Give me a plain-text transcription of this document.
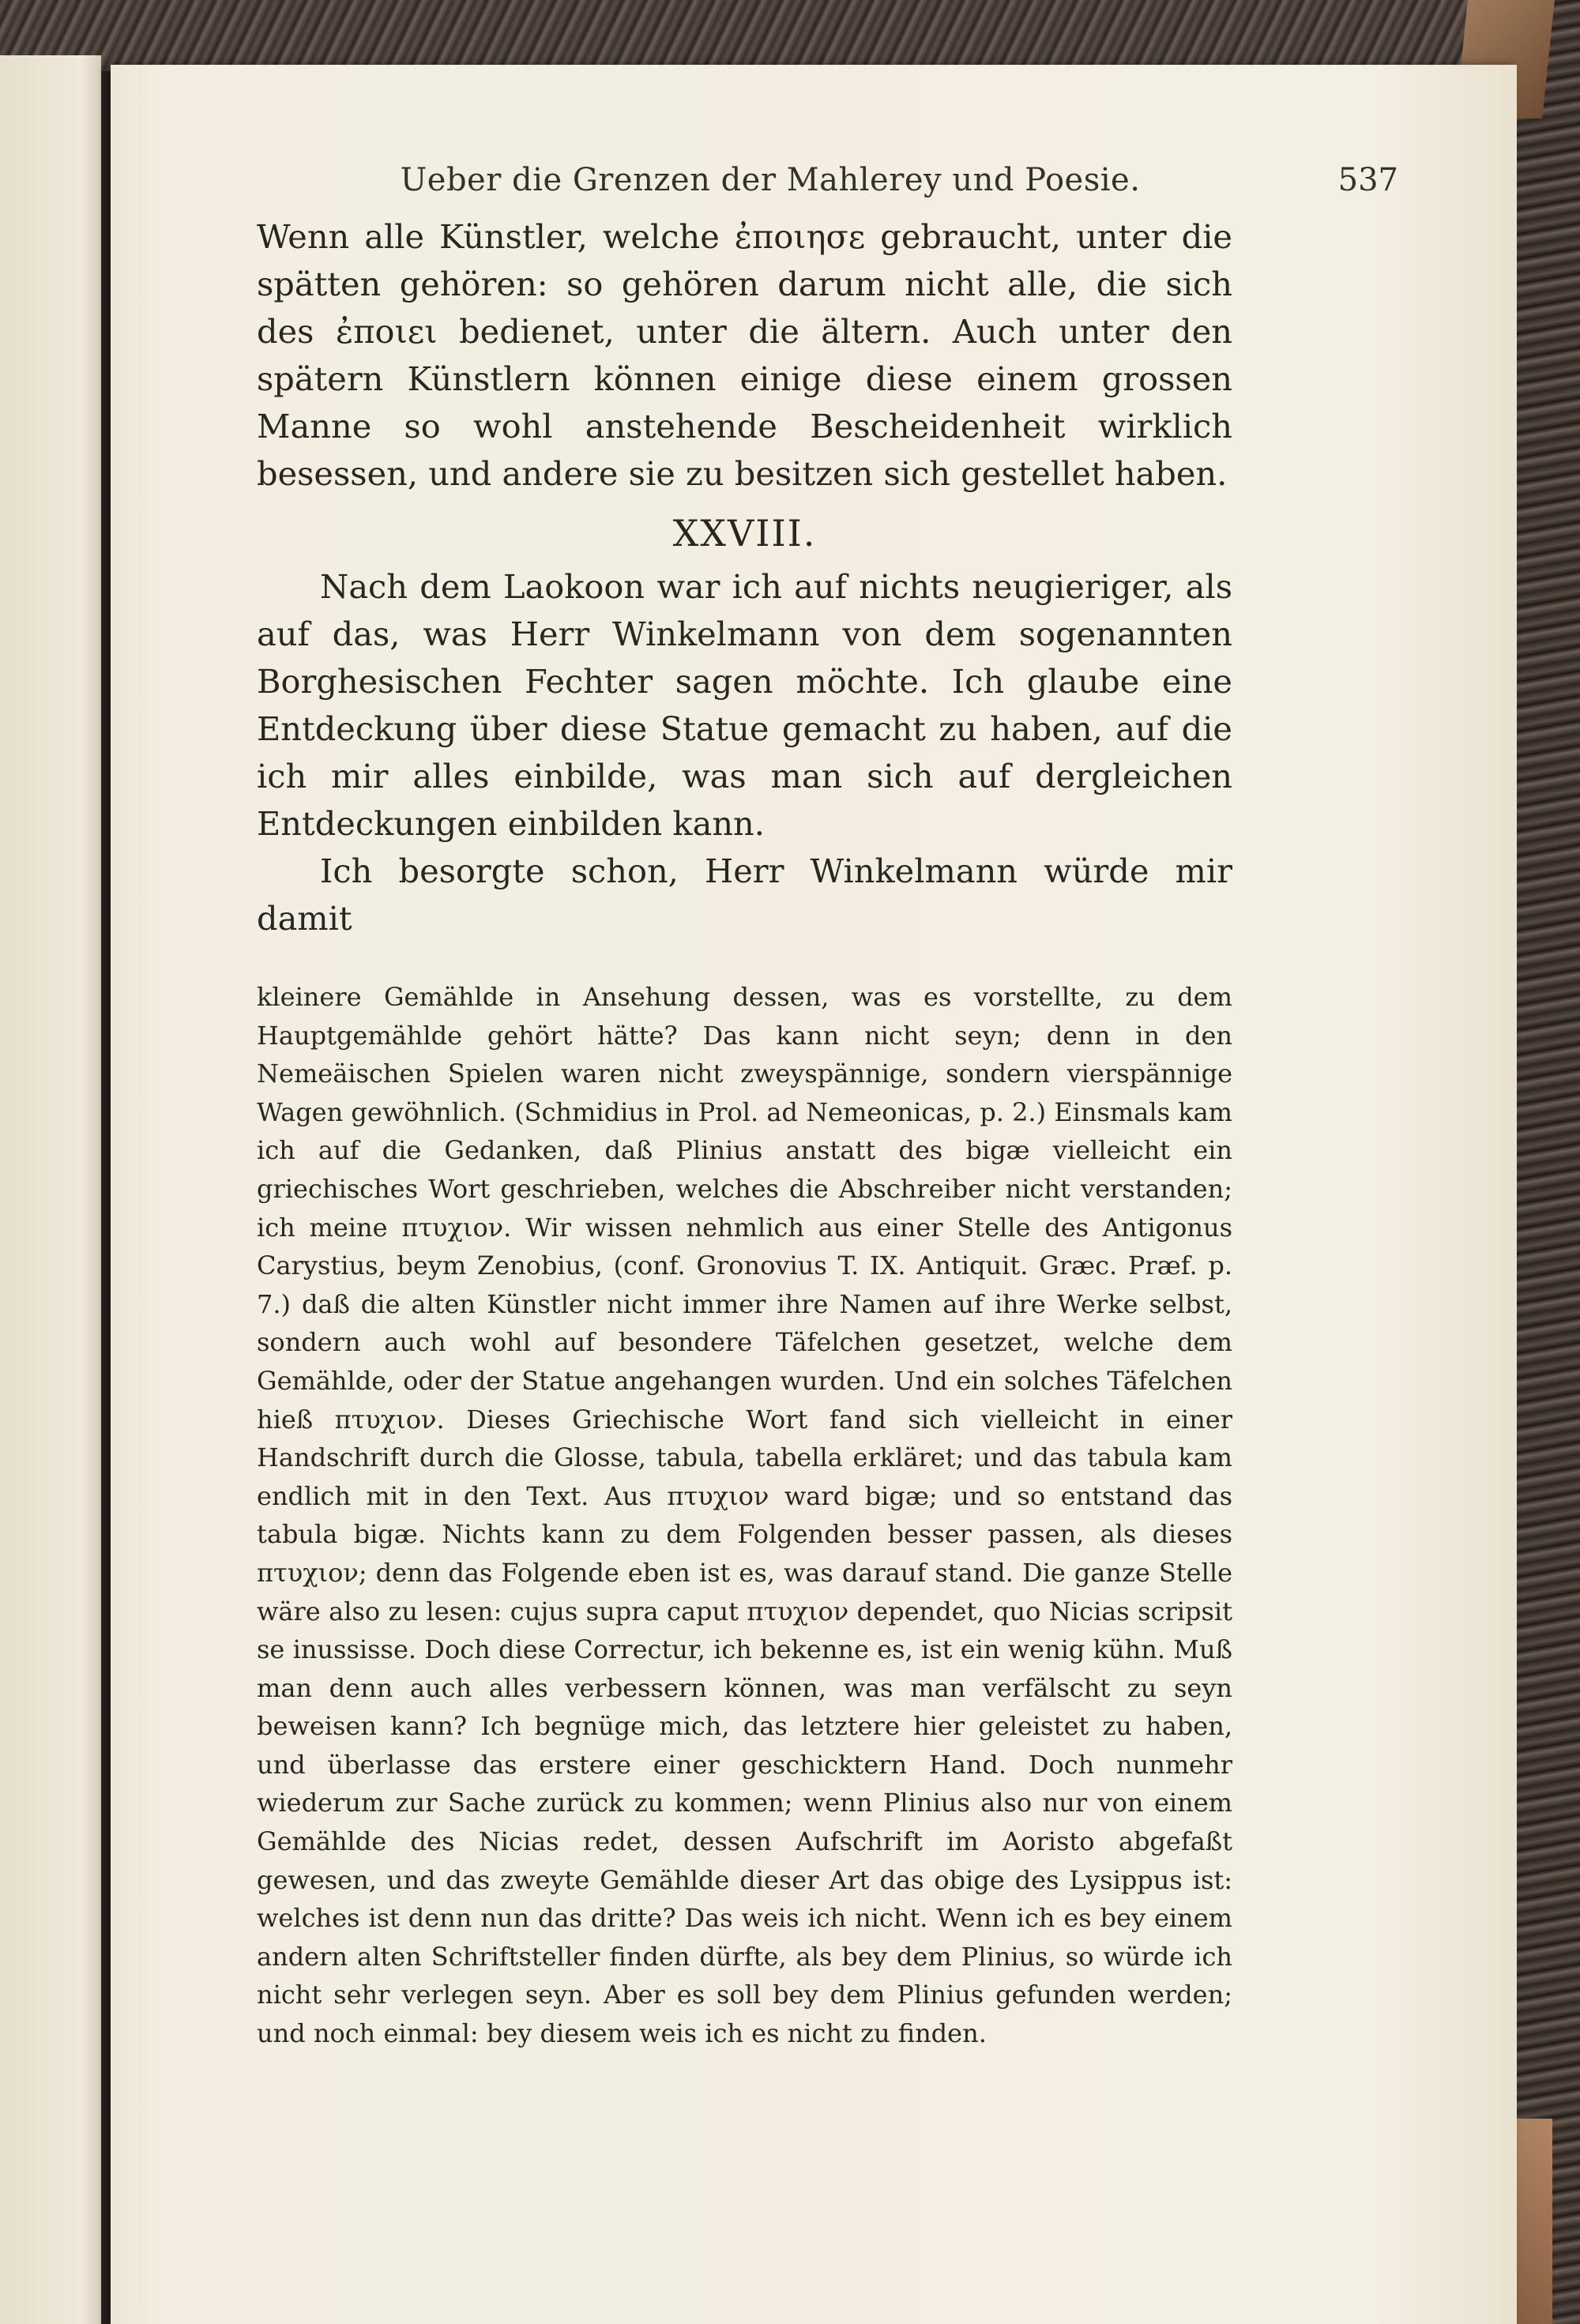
Ueber die Grenzen der Mahlerey und Poesie.	537

Wenn alle Künstler, welche ἐποιησε gebraucht, unter die spätten gehören: so gehören darum nicht alle, die sich des ἐποιει bedienet, unter die ältern. Auch unter den spätern Künstlern können einige diese einem grossen Manne so wohl anstehende Bescheidenheit wirklich besessen, und andere sie zu besitzen sich gestellet haben.

XXVIII.

Nach dem Laokoon war ich auf nichts neugieriger, als auf das, was Herr Winkelmann von dem sogenannten Borghesischen Fechter sagen möchte. Ich glaube eine Entdeckung über diese Statue gemacht zu haben, auf die ich mir alles einbilde, was man sich auf dergleichen Entdeckungen einbilden kann.

Ich besorgte schon, Herr Winkelmann würde mir damit

kleinere Gemählde in Ansehung dessen, was es vorstellte, zu dem Hauptgemählde gehört hätte? Das kann nicht seyn; denn in den Nemeäischen Spielen waren nicht zweyspännige, sondern vierspännige Wagen gewöhnlich. (Schmidius in Prol. ad Nemeonicas, p. 2.) Einsmals kam ich auf die Gedanken, daß Plinius anstatt des bigæ vielleicht ein griechisches Wort geschrieben, welches die Abschreiber nicht verstanden; ich meine πτυχιον. Wir wissen nehmlich aus einer Stelle des Antigonus Carystius, beym Zenobius, (conf. Gronovius T. IX. Antiquit. Græc. Præf. p. 7.) daß die alten Künstler nicht immer ihre Namen auf ihre Werke selbst, sondern auch wohl auf besondere Täfelchen gesetzet, welche dem Gemählde, oder der Statue angehangen wurden. Und ein solches Täfelchen hieß πτυχιον. Dieses Griechische Wort fand sich vielleicht in einer Handschrift durch die Glosse, tabula, tabella erkläret; und das tabula kam endlich mit in den Text. Aus πτυχιον ward bigæ; und so entstand das tabula bigæ. Nichts kann zu dem Folgenden besser passen, als dieses πτυχιον; denn das Folgende eben ist es, was darauf stand. Die ganze Stelle wäre also zu lesen: cujus supra caput πτυχιον dependet, quo Nicias scripsit se inussisse. Doch diese Correctur, ich bekenne es, ist ein wenig kühn. Muß man denn auch alles verbessern können, was man verfälscht zu seyn beweisen kann? Ich begnüge mich, das letztere hier geleistet zu haben, und überlasse das erstere einer geschicktern Hand. Doch nunmehr wiederum zur Sache zurück zu kommen; wenn Plinius also nur von einem Gemählde des Nicias redet, dessen Aufschrift im Aoristo abgefaßt gewesen, und das zweyte Gemählde dieser Art das obige des Lysippus ist: welches ist denn nun das dritte? Das weis ich nicht. Wenn ich es bey einem andern alten Schriftsteller finden dürfte, als bey dem Plinius, so würde ich nicht sehr verlegen seyn. Aber es soll bey dem Plinius gefunden werden; und noch einmal: bey diesem weis ich es nicht zu finden.
